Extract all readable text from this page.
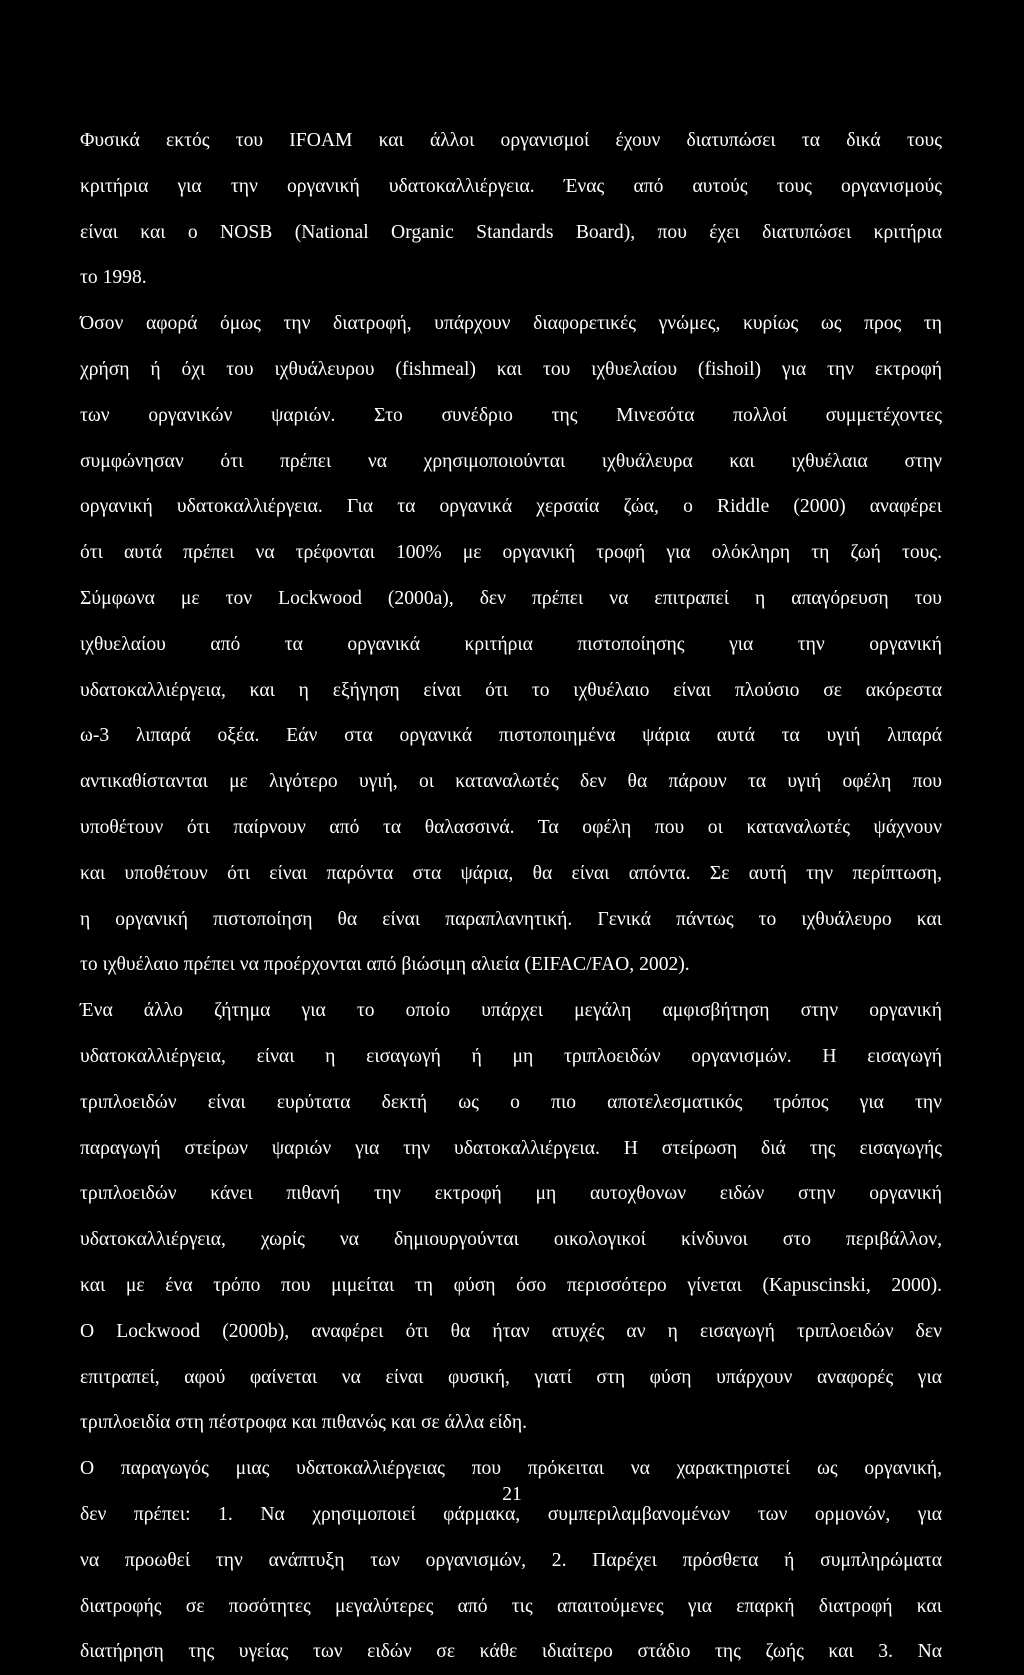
Φυσικά εκτός του IFOAM και άλλοι οργανισμοί έχουν διατυπώσει τα δικά τους
κριτήρια για την οργανική υδατοκαλλιέργεια. Ένας από αυτούς τους οργανισμούς
είναι και ο NOSB (National Organic Standards Board), που έχει διατυπώσει κριτήρια
το 1998.
Όσον αφορά όμως την διατροφή, υπάρχουν διαφορετικές γνώμες, κυρίως ως προς τη
χρήση ή όχι του ιχθυάλευρου (fishmeal) και του ιχθυελαίου (fishoil) για την εκτροφή
των οργανικών ψαριών. Στο συνέδριο της Μινεσότα πολλοί συμμετέχοντες
συμφώνησαν ότι πρέπει να χρησιμοποιούνται ιχθυάλευρα και ιχθυέλαια στην
οργανική υδατοκαλλιέργεια. Για τα οργανικά χερσαία ζώα, ο Riddle (2000) αναφέρει
ότι αυτά πρέπει να τρέφονται 100% με οργανική τροφή για ολόκληρη τη ζωή τους.
Σύμφωνα με τον Lockwood (2000a), δεν πρέπει να επιτραπεί η απαγόρευση του
ιχθυελαίου από τα οργανικά κριτήρια πιστοποίησης για την οργανική
υδατοκαλλιέργεια, και η εξήγηση είναι ότι το ιχθυέλαιο είναι πλούσιο σε ακόρεστα
ω-3 λιπαρά οξέα. Εάν στα οργανικά πιστοποιημένα ψάρια αυτά τα υγιή λιπαρά
αντικαθίστανται με λιγότερο υγιή, οι καταναλωτές δεν θα πάρουν τα υγιή οφέλη που
υποθέτουν ότι παίρνουν από τα θαλασσινά. Τα οφέλη που οι καταναλωτές ψάχνουν
και υποθέτουν ότι είναι παρόντα στα ψάρια, θα είναι απόντα. Σε αυτή την περίπτωση,
η οργανική πιστοποίηση θα είναι παραπλανητική. Γενικά πάντως το ιχθυάλευρο και
το ιχθυέλαιο πρέπει να προέρχονται από βιώσιμη αλιεία (EIFAC/FAO, 2002).
Ένα άλλο ζήτημα για το οποίο υπάρχει μεγάλη αμφισβήτηση στην οργανική
υδατοκαλλιέργεια, είναι η εισαγωγή ή μη τριπλοειδών οργανισμών. Η εισαγωγή
τριπλοειδών είναι ευρύτατα δεκτή ως ο πιο αποτελεσματικός τρόπος για την
παραγωγή στείρων ψαριών για την υδατοκαλλιέργεια. Η στείρωση διά της εισαγωγής
τριπλοειδών κάνει πιθανή την εκτροφή μη αυτοχθονων ειδών στην οργανική
υδατοκαλλιέργεια, χωρίς να δημιουργούνται οικολογικοί κίνδυνοι στο περιβάλλον,
και με ένα τρόπο που μιμείται τη φύση όσο περισσότερο γίνεται (Kapuscinski, 2000).
Ο Lockwood (2000b), αναφέρει ότι θα ήταν ατυχές αν η εισαγωγή τριπλοειδών δεν
επιτραπεί, αφού φαίνεται να είναι φυσική, γιατί στη φύση υπάρχουν αναφορές για
τριπλοειδία στη πέστροφα και πιθανώς και σε άλλα είδη.
Ο παραγωγός μιας υδατοκαλλιέργειας που πρόκειται να χαρακτηριστεί ως οργανική,
δεν πρέπει: 1. Να χρησιμοποιεί φάρμακα, συμπεριλαμβανομένων των ορμονών, για
να προωθεί την ανάπτυξη των οργανισμών, 2. Παρέχει πρόσθετα ή συμπληρώματα
διατροφής σε ποσότητες μεγαλύτερες από τις απαιτούμενες για επαρκή διατροφή και
διατήρηση της υγείας των ειδών σε κάθε ιδιαίτερο στάδιο της ζωής και 3. Να
21
